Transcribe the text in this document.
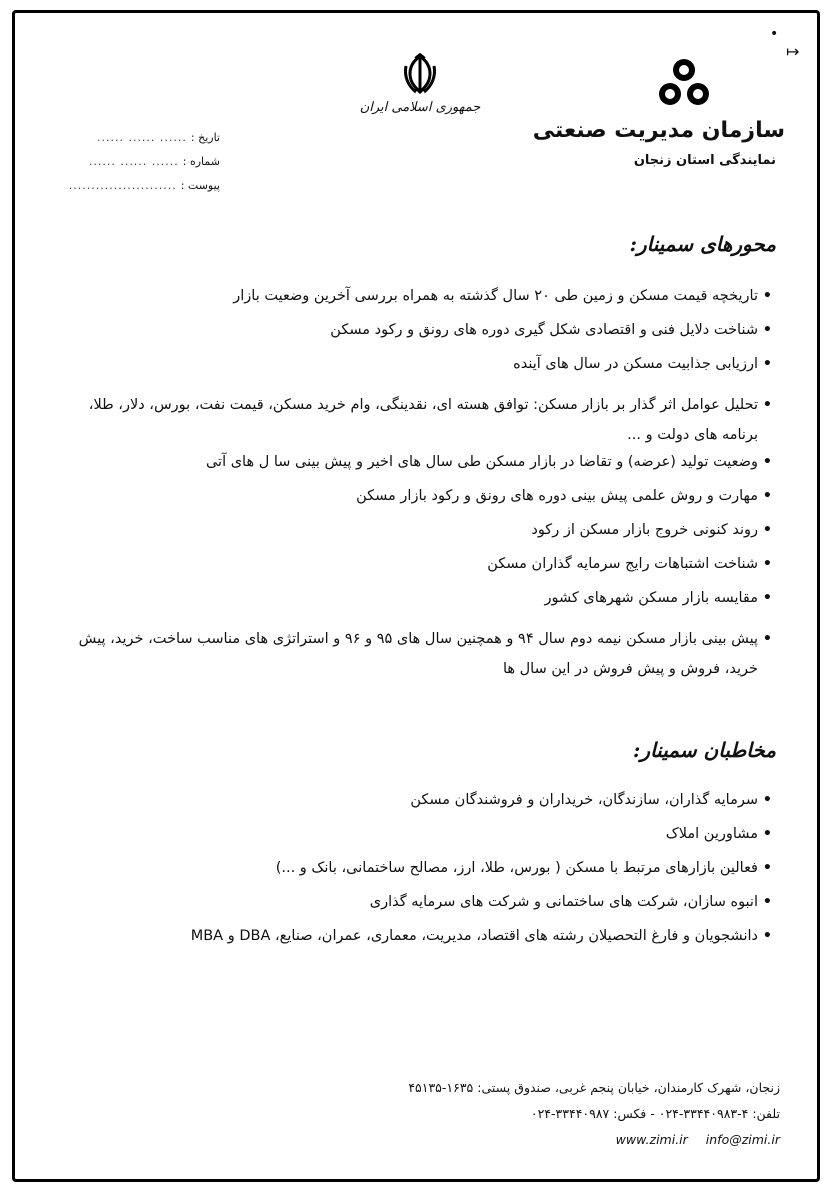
•
↦
جمهوری اسلامی ایران
سازمان مدیریت صنعتی
نمایندگی استان زنجان
تاریخ :
...... ...... ......
شماره :
...... ...... ......
پیوست :
........................
محورهای سمینار:
• تاریخچه قیمت مسکن و زمین طی ۲۰ سال گذشته به همراه بررسی آخرین وضعیت بازار
• شناخت دلایل فنی و اقتصادی شکل گیری دوره های رونق و رکود مسکن
• ارزیابی جذابیت مسکن در سال های آینده
• تحلیل عوامل اثر گذار بر بازار مسکن: توافق هسته ای، نقدینگی، وام خرید مسکن، قیمت نفت، بورس، دلار، طلا، برنامه های دولت و ...
• وضعیت تولید (عرضه) و تقاضا در بازار مسکن طی سال های اخیر و پیش بینی سا ل های آتی
• مهارت و روش علمی پیش بینی دوره های رونق و رکود بازار مسکن
• روند کنونی خروج بازار مسکن از رکود
• شناخت اشتباهات رایج سرمایه گذاران مسکن
• مقایسه بازار مسکن شهرهای کشور
• پیش بینی بازار مسکن نیمه دوم سال ۹۴ و همچنین سال های ۹۵ و ۹۶ و استراتژی های مناسب ساخت، خرید، پیش خرید، فروش و پیش فروش در این سال ها
مخاطبان سمینار:
• سرمایه گذاران، سازندگان، خریداران و فروشندگان مسکن
• مشاورین املاک
• فعالین بازارهای مرتبط با مسکن ( بورس، طلا، ارز، مصالح ساختمانی، بانک و ...)
• انبوه سازان، شرکت های ساختمانی و شرکت های سرمایه گذاری
• دانشجویان و فارغ التحصیلان رشته های اقتصاد، مدیریت، معماری، عمران، صنایع، DBA و MBA
زنجان، شهرک کارمندان، خیابان پنجم غربی، صندوق پستی: ۱۶۳۵-۴۵۱۳۵
تلفن: ۴-۳۳۴۴۰۹۸۳-۰۲۴ - فکس: ۳۳۴۴۰۹۸۷-۰۲۴
www.zimi.ir info@zimi.ir
